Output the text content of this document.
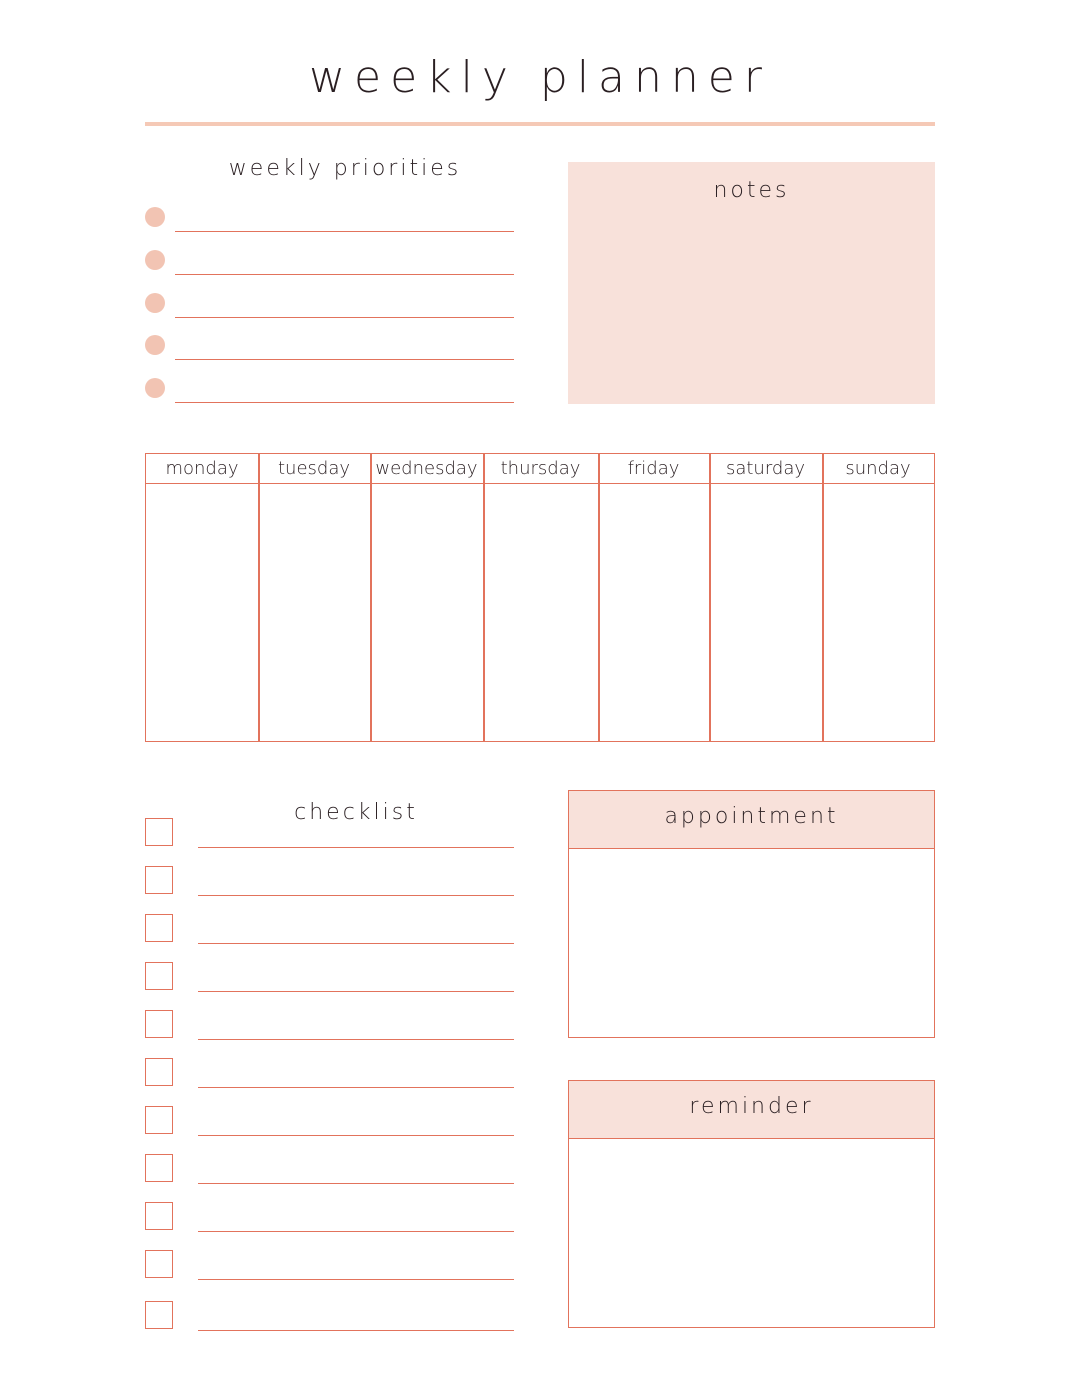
weekly planner
weekly priorities
notes
monday	tuesday	wednesday	thursday	friday	saturday	sunday
checklist	appointment
reminder
